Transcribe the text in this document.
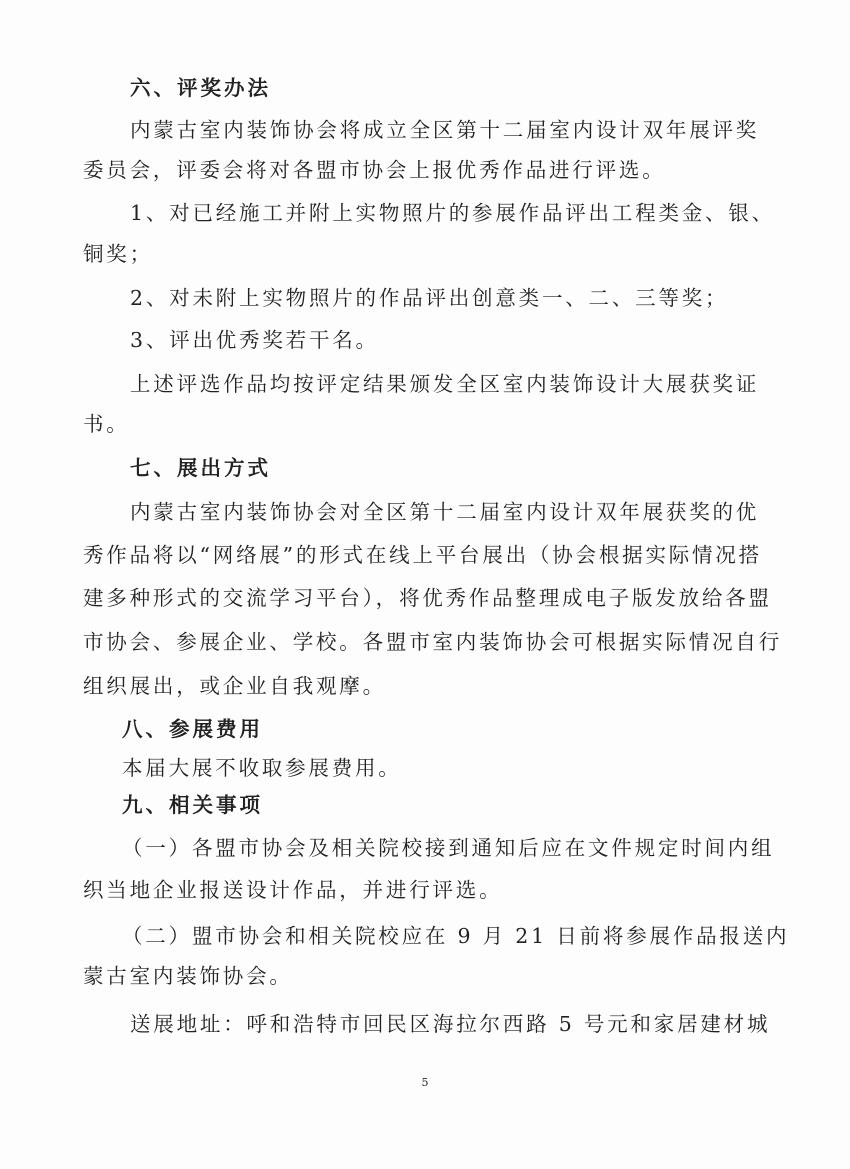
六、评奖办法
内蒙古室内装饰协会将成立全区第十二届室内设计双年展评奖
委员会，评委会将对各盟市协会上报优秀作品进行评选。
1、对已经施工并附上实物照片的参展作品评出工程类金、银、
铜奖；
2、对未附上实物照片的作品评出创意类一、二、三等奖；
3、评出优秀奖若干名。
上述评选作品均按评定结果颁发全区室内装饰设计大展获奖证
书。
七、展出方式
内蒙古室内装饰协会对全区第十二届室内设计双年展获奖的优
秀作品将以“网络展”的形式在线上平台展出（协会根据实际情况搭
建多种形式的交流学习平台），将优秀作品整理成电子版发放给各盟
市协会、参展企业、学校。各盟市室内装饰协会可根据实际情况自行
组织展出，或企业自我观摩。
八、参展费用
本届大展不收取参展费用。
九、相关事项
（一）各盟市协会及相关院校接到通知后应在文件规定时间内组
织当地企业报送设计作品，并进行评选。
（二）盟市协会和相关院校应在 9 月 21 日前将参展作品报送内
蒙古室内装饰协会。
送展地址：呼和浩特市回民区海拉尔西路 5 号元和家居建材城
5
